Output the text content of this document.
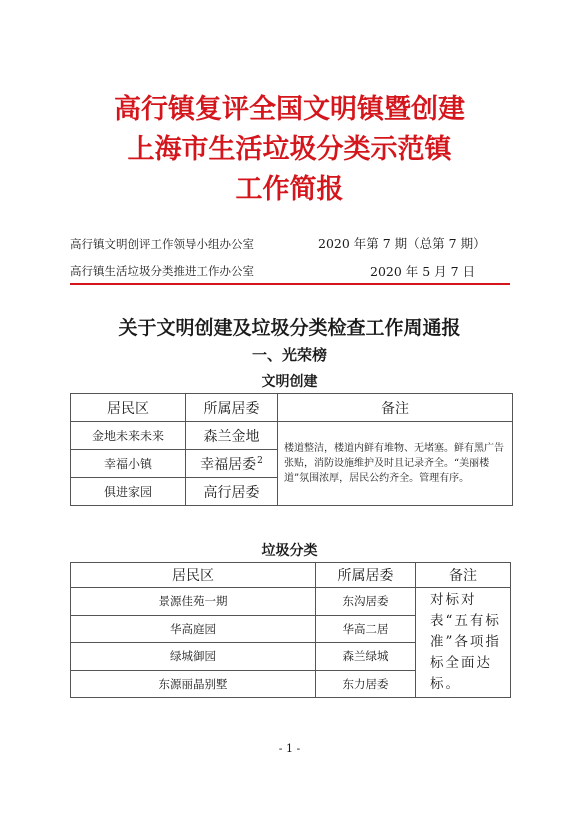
高行镇复评全国文明镇暨创建
上海市生活垃圾分类示范镇
工作简报
高行镇文明创评工作领导小组办公室	2020 年第 7 期（总第 7 期）
高行镇生活垃圾分类推进工作办公室	2020 年 5 月 7 日
关于文明创建及垃圾分类检查工作周通报
一、光荣榜
文明创建
居民区	所属居委	备注
金地未来未来	森兰金地	楼道整洁，楼道内鲜有堆物、无堵塞。鲜有黑广告张贴，消防设施维护及时且记录齐全。“美丽楼道”氛围浓厚，居民公约齐全。管理有序。
幸福小镇	幸福居委$^2$
俱进家园	高行居委	
垃圾分类
居民区	所属居委	备注
景源佳苑一期	东沟居委	对标对表“五有标准”各项指标全面达标。
华高庭园	华高二居	
绿城御园	森兰绿城	
东源丽晶别墅	东力居委	
- 1 -
